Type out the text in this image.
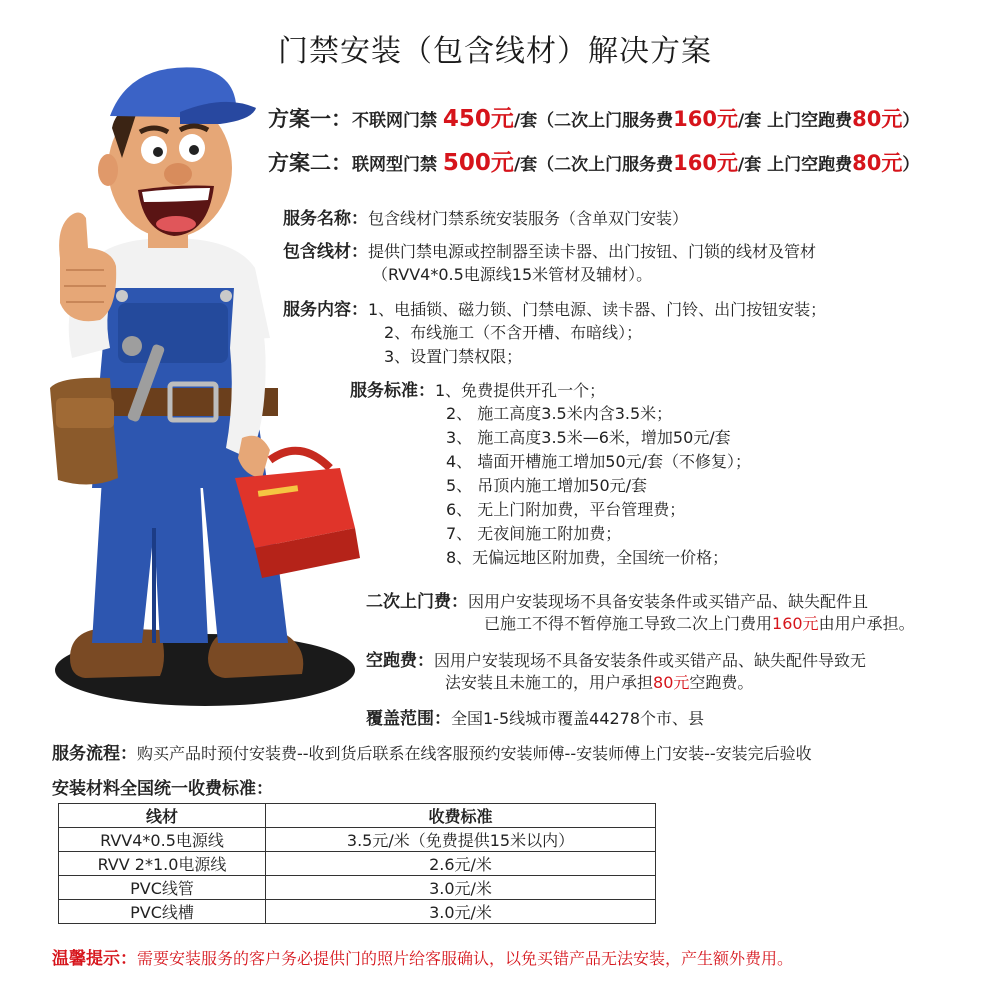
门禁安装（包含线材）解决方案
方案一：不联网门禁 450元/套（二次上门服务费160元/套 上门空跑费80元）
方案二：联网型门禁 500元/套（二次上门服务费160元/套 上门空跑费80元）
服务名称：包含线材门禁系统安装服务（含单双门安装）
包含线材：提供门禁电源或控制器至读卡器、出门按钮、门锁的线材及管材
（RVV4*0.5电源线15米管材及辅材）。
服务内容：1、电插锁、磁力锁、门禁电源、读卡器、门铃、出门按钮安装；
2、布线施工（不含开槽、布暗线）；
3、设置门禁权限；
服务标准：1、免费提供开孔一个；
2、 施工高度3.5米内含3.5米；
3、 施工高度3.5米—6米，增加50元/套
4、 墙面开槽施工增加50元/套（不修复）；
5、 吊顶内施工增加50元/套
6、 无上门附加费，平台管理费；
7、 无夜间施工附加费；
8、无偏远地区附加费，全国统一价格；
二次上门费：因用户安装现场不具备安装条件或买错产品、缺失配件且
已施工不得不暂停施工导致二次上门费用160元由用户承担。
空跑费：因用户安装现场不具备安装条件或买错产品、缺失配件导致无
法安装且未施工的，用户承担80元空跑费。
覆盖范围：全国1-5线城市覆盖44278个市、县
服务流程：购买产品时预付安装费--收到货后联系在线客服预约安装师傅--安装师傅上门安装--安装完后验收
安装材料全国统一收费标准：
线材	收费标准
RVV4*0.5电源线	3.5元/米（免费提供15米以内）
RVV 2*1.0电源线	2.6元/米
PVC线管	3.0元/米
PVC线槽	3.0元/米
温馨提示：需要安装服务的客户务必提供门的照片给客服确认，以免买错产品无法安装，产生额外费用。
